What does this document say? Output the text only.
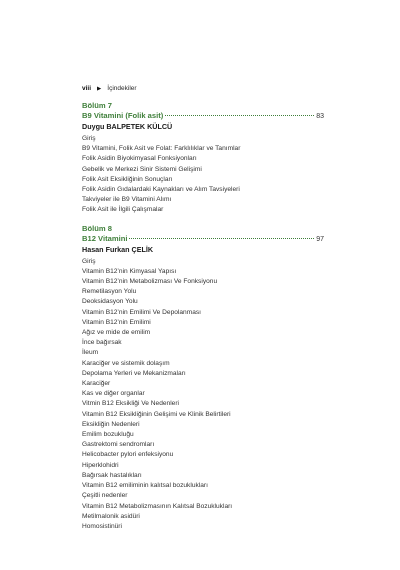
viii ▶ İçindekiler
Bölüm 7
B9 Vitamini (Folik asit)	83
Duygu BALPETEK KÜLCÜ
Giriş
B9 Vitamini, Folik Asit ve Folat: Farklılıklar ve Tanımlar
Folik Asidin Biyokimyasal Fonksiyonları
Gebelik ve Merkezi Sinir Sistemi Gelişimi
Folik Asit Eksikliğinin Sonuçları
Folik Asidin Gıdalardaki Kaynakları ve Alım Tavsiyeleri
Takviyeler ile B9 Vitamini Alımı
Folik Asit ile İlgili Çalışmalar
Bölüm 8
B12 Vitamini	97
Hasan Furkan ÇELİK
Giriş
Vitamin B12’nin Kimyasal Yapısı
Vitamin B12’nin Metabolizması Ve Fonksiyonu
Remetilasyon Yolu
Deoksidasyon Yolu
Vitamin B12’nin Emilimi Ve Depolanması
Vitamin B12’nin Emilimi
Ağız ve mide de emilim
İnce bağırsak
İleum
Karaciğer ve sistemik dolaşım
Depolama Yerleri ve Mekanizmaları
Karaciğer
Kas ve diğer organlar
Vitmin B12 Eksikliği Ve Nedenleri
Vitamin B12 Eksikliğinin Gelişimi ve Klinik Belirtileri
Eksikliğin Nedenleri
Emilim bozukluğu
Gastrektomi sendromları
Helicobacter pylori enfeksiyonu
Hiperklohidri
Bağırsak hastalıkları
Vitamin B12 emiliminin kalıtsal bozuklukları
Çeşitli nedenler
Vitamin B12 Metabolizmasının Kalıtsal Bozuklukları
Metilmalonik asidüri
Homosistinüri
